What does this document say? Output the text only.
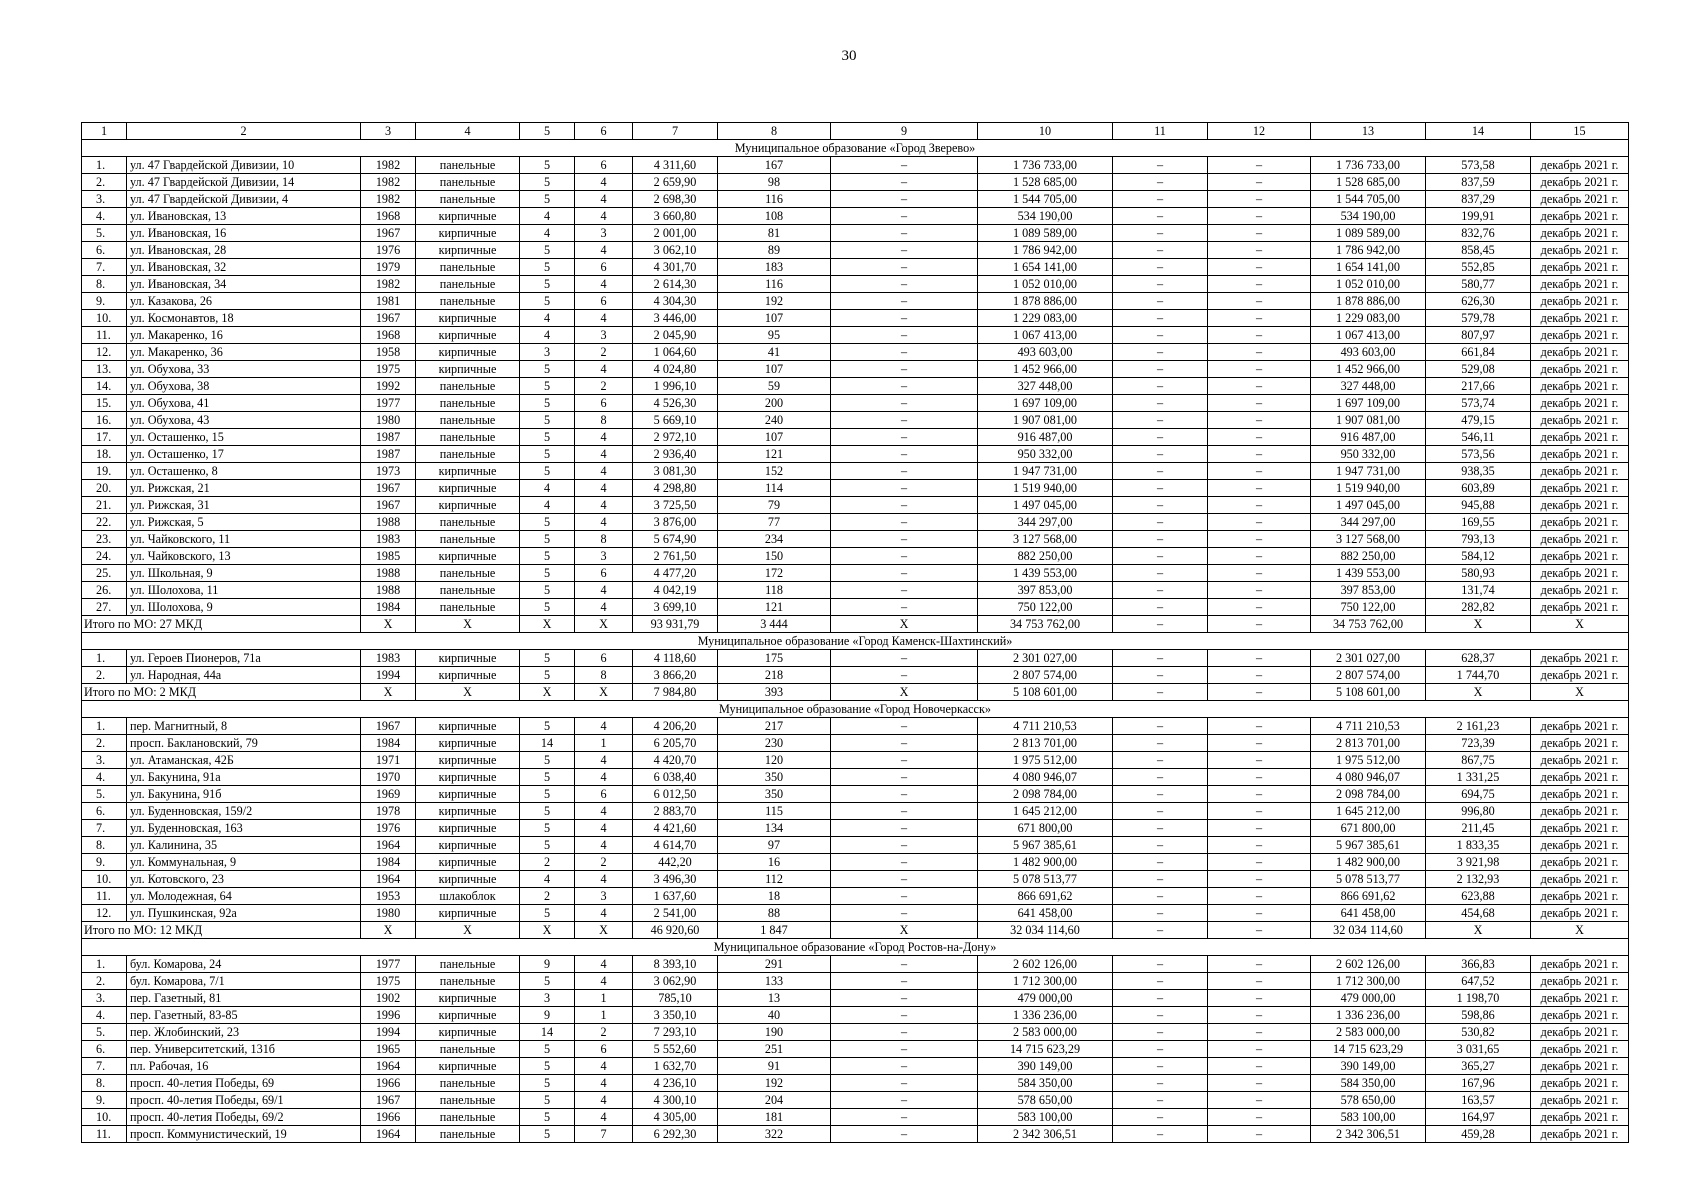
30
1	2	3	4	5	6	7	8	9	10	11	12	13	14	15
Муниципальное образование «Город Зверево»														
1.	ул. 47 Гвардейской Дивизии, 10	1982	панельные	5	6	4 311,60	167	–	1 736 733,00	–	–	1 736 733,00	573,58	декабрь 2021 г.
2.	ул. 47 Гвардейской Дивизии, 14	1982	панельные	5	4	2 659,90	98	–	1 528 685,00	–	–	1 528 685,00	837,59	декабрь 2021 г.
3.	ул. 47 Гвардейской Дивизии, 4	1982	панельные	5	4	2 698,30	116	–	1 544 705,00	–	–	1 544 705,00	837,29	декабрь 2021 г.
4.	ул. Ивановская, 13	1968	кирпичные	4	4	3 660,80	108	–	534 190,00	–	–	534 190,00	199,91	декабрь 2021 г.
5.	ул. Ивановская, 16	1967	кирпичные	4	3	2 001,00	81	–	1 089 589,00	–	–	1 089 589,00	832,76	декабрь 2021 г.
6.	ул. Ивановская, 28	1976	кирпичные	5	4	3 062,10	89	–	1 786 942,00	–	–	1 786 942,00	858,45	декабрь 2021 г.
7.	ул. Ивановская, 32	1979	панельные	5	6	4 301,70	183	–	1 654 141,00	–	–	1 654 141,00	552,85	декабрь 2021 г.
8.	ул. Ивановская, 34	1982	панельные	5	4	2 614,30	116	–	1 052 010,00	–	–	1 052 010,00	580,77	декабрь 2021 г.
9.	ул. Казакова, 26	1981	панельные	5	6	4 304,30	192	–	1 878 886,00	–	–	1 878 886,00	626,30	декабрь 2021 г.
10.	ул. Космонавтов, 18	1967	кирпичные	4	4	3 446,00	107	–	1 229 083,00	–	–	1 229 083,00	579,78	декабрь 2021 г.
11.	ул. Макаренко, 16	1968	кирпичные	4	3	2 045,90	95	–	1 067 413,00	–	–	1 067 413,00	807,97	декабрь 2021 г.
12.	ул. Макаренко, 36	1958	кирпичные	3	2	1 064,60	41	–	493 603,00	–	–	493 603,00	661,84	декабрь 2021 г.
13.	ул. Обухова, 33	1975	кирпичные	5	4	4 024,80	107	–	1 452 966,00	–	–	1 452 966,00	529,08	декабрь 2021 г.
14.	ул. Обухова, 38	1992	панельные	5	2	1 996,10	59	–	327 448,00	–	–	327 448,00	217,66	декабрь 2021 г.
15.	ул. Обухова, 41	1977	панельные	5	6	4 526,30	200	–	1 697 109,00	–	–	1 697 109,00	573,74	декабрь 2021 г.
16.	ул. Обухова, 43	1980	панельные	5	8	5 669,10	240	–	1 907 081,00	–	–	1 907 081,00	479,15	декабрь 2021 г.
17.	ул. Осташенко, 15	1987	панельные	5	4	2 972,10	107	–	916 487,00	–	–	916 487,00	546,11	декабрь 2021 г.
18.	ул. Осташенко, 17	1987	панельные	5	4	2 936,40	121	–	950 332,00	–	–	950 332,00	573,56	декабрь 2021 г.
19.	ул. Осташенко, 8	1973	кирпичные	5	4	3 081,30	152	–	1 947 731,00	–	–	1 947 731,00	938,35	декабрь 2021 г.
20.	ул. Рижская, 21	1967	кирпичные	4	4	4 298,80	114	–	1 519 940,00	–	–	1 519 940,00	603,89	декабрь 2021 г.
21.	ул. Рижская, 31	1967	кирпичные	4	4	3 725,50	79	–	1 497 045,00	–	–	1 497 045,00	945,88	декабрь 2021 г.
22.	ул. Рижская, 5	1988	панельные	5	4	3 876,00	77	–	344 297,00	–	–	344 297,00	169,55	декабрь 2021 г.
23.	ул. Чайковского, 11	1983	панельные	5	8	5 674,90	234	–	3 127 568,00	–	–	3 127 568,00	793,13	декабрь 2021 г.
24.	ул. Чайковского, 13	1985	кирпичные	5	3	2 761,50	150	–	882 250,00	–	–	882 250,00	584,12	декабрь 2021 г.
25.	ул. Школьная, 9	1988	панельные	5	6	4 477,20	172	–	1 439 553,00	–	–	1 439 553,00	580,93	декабрь 2021 г.
26.	ул. Шолохова, 11	1988	панельные	5	4	4 042,19	118	–	397 853,00	–	–	397 853,00	131,74	декабрь 2021 г.
27.	ул. Шолохова, 9	1984	панельные	5	4	3 699,10	121	–	750 122,00	–	–	750 122,00	282,82	декабрь 2021 г.
Итого по МО: 27 МКД		X	X	X	X	93 931,79	3 444	X	34 753 762,00	–	–	34 753 762,00	X	X
Муниципальное образование «Город Каменск-Шахтинский»														
1.	ул. Героев Пионеров, 71а	1983	кирпичные	5	6	4 118,60	175	–	2 301 027,00	–	–	2 301 027,00	628,37	декабрь 2021 г.
2.	ул. Народная, 44а	1994	кирпичные	5	8	3 866,20	218	–	2 807 574,00	–	–	2 807 574,00	1 744,70	декабрь 2021 г.
Итого по МО: 2 МКД		X	X	X	X	7 984,80	393	X	5 108 601,00	–	–	5 108 601,00	X	X
Муниципальное образование «Город Новочеркасск»														
1.	пер. Магнитный, 8	1967	кирпичные	5	4	4 206,20	217	–	4 711 210,53	–	–	4 711 210,53	2 161,23	декабрь 2021 г.
2.	просп. Баклановский, 79	1984	кирпичные	14	1	6 205,70	230	–	2 813 701,00	–	–	2 813 701,00	723,39	декабрь 2021 г.
3.	ул. Атаманская, 42Б	1971	кирпичные	5	4	4 420,70	120	–	1 975 512,00	–	–	1 975 512,00	867,75	декабрь 2021 г.
4.	ул. Бакунина, 91а	1970	кирпичные	5	4	6 038,40	350	–	4 080 946,07	–	–	4 080 946,07	1 331,25	декабрь 2021 г.
5.	ул. Бакунина, 91б	1969	кирпичные	5	6	6 012,50	350	–	2 098 784,00	–	–	2 098 784,00	694,75	декабрь 2021 г.
6.	ул. Буденновская, 159/2	1978	кирпичные	5	4	2 883,70	115	–	1 645 212,00	–	–	1 645 212,00	996,80	декабрь 2021 г.
7.	ул. Буденновская, 163	1976	кирпичные	5	4	4 421,60	134	–	671 800,00	–	–	671 800,00	211,45	декабрь 2021 г.
8.	ул. Калинина, 35	1964	кирпичные	5	4	4 614,70	97	–	5 967 385,61	–	–	5 967 385,61	1 833,35	декабрь 2021 г.
9.	ул. Коммунальная, 9	1984	кирпичные	2	2	442,20	16	–	1 482 900,00	–	–	1 482 900,00	3 921,98	декабрь 2021 г.
10.	ул. Котовского, 23	1964	кирпичные	4	4	3 496,30	112	–	5 078 513,77	–	–	5 078 513,77	2 132,93	декабрь 2021 г.
11.	ул. Молодежная, 64	1953	шлакоблок	2	3	1 637,60	18	–	866 691,62	–	–	866 691,62	623,88	декабрь 2021 г.
12.	ул. Пушкинская, 92а	1980	кирпичные	5	4	2 541,00	88	–	641 458,00	–	–	641 458,00	454,68	декабрь 2021 г.
Итого по МО: 12 МКД		X	X	X	X	46 920,60	1 847	X	32 034 114,60	–	–	32 034 114,60	X	X
Муниципальное образование «Город Ростов-на-Дону»														
1.	бул. Комарова, 24	1977	панельные	9	4	8 393,10	291	–	2 602 126,00	–	–	2 602 126,00	366,83	декабрь 2021 г.
2.	бул. Комарова, 7/1	1975	панельные	5	4	3 062,90	133	–	1 712 300,00	–	–	1 712 300,00	647,52	декабрь 2021 г.
3.	пер. Газетный, 81	1902	кирпичные	3	1	785,10	13	–	479 000,00	–	–	479 000,00	1 198,70	декабрь 2021 г.
4.	пер. Газетный, 83-85	1996	кирпичные	9	1	3 350,10	40	–	1 336 236,00	–	–	1 336 236,00	598,86	декабрь 2021 г.
5.	пер. Жлобинский, 23	1994	кирпичные	14	2	7 293,10	190	–	2 583 000,00	–	–	2 583 000,00	530,82	декабрь 2021 г.
6.	пер. Университетский, 131б	1965	панельные	5	6	5 552,60	251	–	14 715 623,29	–	–	14 715 623,29	3 031,65	декабрь 2021 г.
7.	пл. Рабочая, 16	1964	кирпичные	5	4	1 632,70	91	–	390 149,00	–	–	390 149,00	365,27	декабрь 2021 г.
8.	просп. 40-летия Победы, 69	1966	панельные	5	4	4 236,10	192	–	584 350,00	–	–	584 350,00	167,96	декабрь 2021 г.
9.	просп. 40-летия Победы, 69/1	1967	панельные	5	4	4 300,10	204	–	578 650,00	–	–	578 650,00	163,57	декабрь 2021 г.
10.	просп. 40-летия Победы, 69/2	1966	панельные	5	4	4 305,00	181	–	583 100,00	–	–	583 100,00	164,97	декабрь 2021 г.
11.	просп. Коммунистический, 19	1964	панельные	5	7	6 292,30	322	–	2 342 306,51	–	–	2 342 306,51	459,28	декабрь 2021 г.
